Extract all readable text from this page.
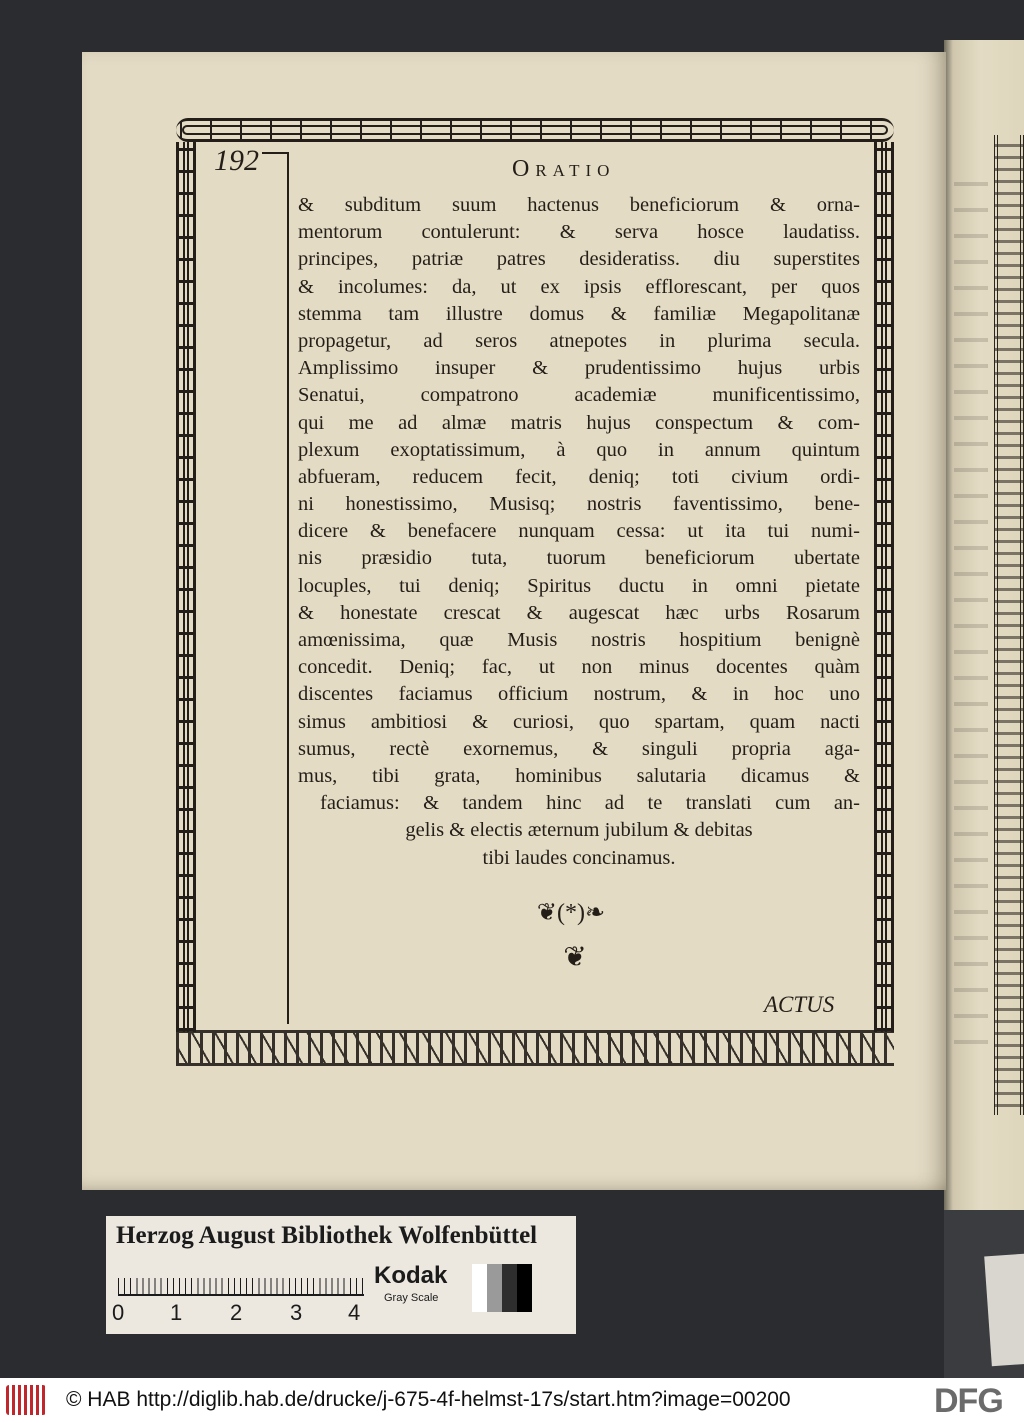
192	Oratio
& subditum suum hactenus beneficiorum & orna-
mentorum contulerunt: & serva hosce laudatiss.
principes, patriæ patres desideratiss. diu superstites
& incolumes: da, ut ex ipsis efflorescant, per quos
stemma tam illustre domus & familiæ Megapolitanæ
propagetur, ad seros atnepotes in plurima secula.
Amplissimo insuper & prudentissimo hujus urbis
Senatui, compatrono academiæ munificentissimo,
qui me ad almæ matris hujus conspectum & com-
plexum exoptatissimum, à quo in annum quintum
abfueram, reducem fecit, deniq; toti civium ordi-
ni honestissimo, Musisq; nostris faventissimo, bene-
dicere & benefacere nunquam cessa: ut ita tui numi-
nis præsidio tuta, tuorum beneficiorum ubertate
locuples, tui deniq; Spiritus ductu in omni pietate
& honestate crescat & augescat hæc urbs Rosarum
amœnissima, quæ Musis nostris hospitium benignè
concedit. Deniq; fac, ut non minus docentes quàm
discentes faciamus officium nostrum, & in hoc uno
simus ambitiosi & curiosi, quo spartam, quam nacti
sumus, rectè exornemus, & singuli propria aga-
mus, tibi grata, hominibus salutaria dicamus &
faciamus: & tandem hinc ad te translati cum an-
gelis & electis æternum jubilum & debitas
tibi laudes concinamus.
❦(*)❧
❦
ACTUS
Herzog August Bibliothek Wolfenbüttel
0 1 2 3 4
Kodak
Gray Scale
© HAB http://diglib.hab.de/drucke/j-675-4f-helmst-17s/start.htm?image=00200	DFG
